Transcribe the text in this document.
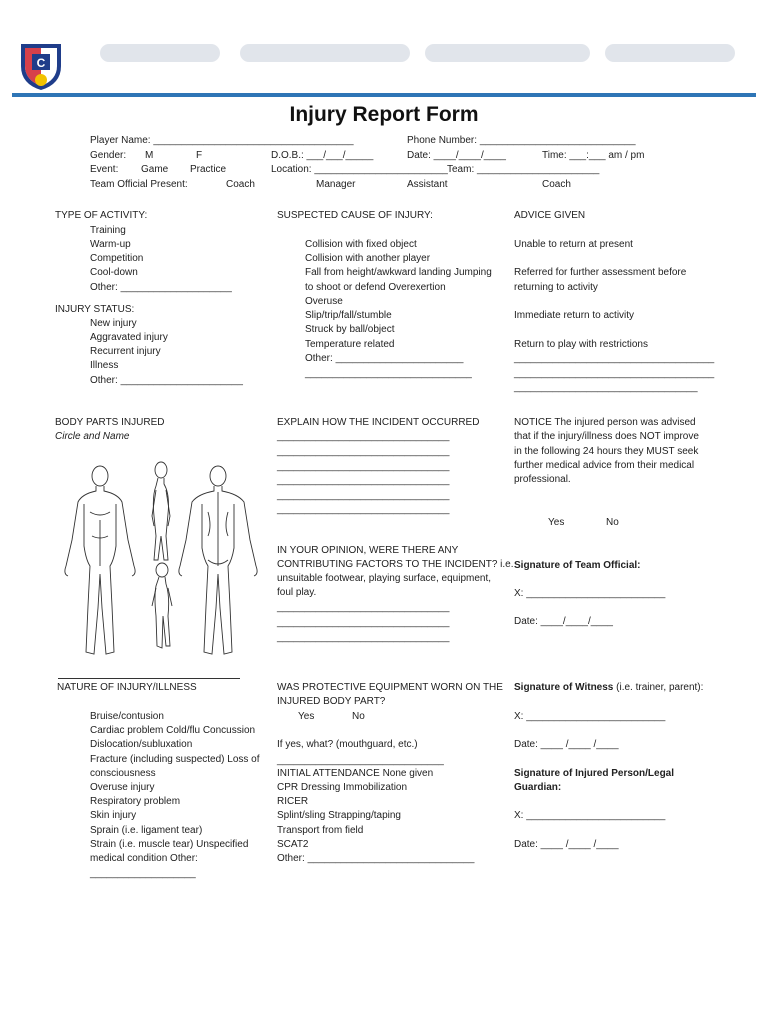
C
Injury Report Form
Player Name: ____________________________________	Phone Number: ____________________________
Gender: M	F	D.O.B.: ___/___/_____	Date: ____/____/____	Time: ___:___ am / pm
Event: Game Practice	Location: ________________________ Team: ______________________
Team Official Present:	Coach	Manager	Assistant	Coach
TYPE OF ACTIVITY:
Training
Warm-up
Competition
Cool-down
Other: ____________________
INJURY STATUS:
New injury
Aggravated injury
Recurrent injury
Illness
Other: ______________________
SUSPECTED CAUSE OF INJURY:
Collision with fixed object
Collision with another player
Fall from height/awkward landing Jumping
to shoot or defend Overexertion
Overuse
Slip/trip/fall/stumble
Struck by ball/object
Temperature related
Other: _______________________
______________________________
ADVICE GIVEN
Unable to return at present
Referred for further assessment before
returning to activity
Immediate return to activity
Return to play with restrictions
____________________________________
____________________________________
_________________________________
BODY PARTS INJURED
Circle and Name
EXPLAIN HOW THE INCIDENT OCCURRED
_______________________________
_______________________________
_______________________________
_______________________________
_______________________________
_______________________________
NOTICE The injured person was advised
that if the injury/illness does NOT improve
in the following 24 hours they MUST seek
further medical advice from their medical
professional.
Yes	No
IN YOUR OPINION, WERE THERE ANY
CONTRIBUTING FACTORS TO THE INCIDENT? i.e.
unsuitable footwear, playing surface, equipment,
foul play.
_______________________________
_______________________________
_______________________________
Signature of Team Official:
X: _________________________
Date: ____/____/____
NATURE OF INJURY/ILLNESS
Bruise/contusion
Cardiac problem Cold/flu Concussion
Dislocation/subluxation
Fracture (including suspected) Loss of
consciousness
Overuse injury
Respiratory problem
Skin injury
Sprain (i.e. ligament tear)
Strain (i.e. muscle tear) Unspecified
medical condition Other:
___________________
WAS PROTECTIVE EQUIPMENT WORN ON THE
INJURED BODY PART?
Yes	No
If yes, what? (mouthguard, etc.)
______________________________
INITIAL ATTENDANCE None given
CPR Dressing Immobilization
RICER
Splint/sling Strapping/taping
Transport from field
SCAT2
Other: ______________________________
Signature of Witness (i.e. trainer, parent):
X: _________________________
Date: ____ /____ /____
Signature of Injured Person/Legal
Guardian:
X: _________________________
Date: ____ /____ /____
